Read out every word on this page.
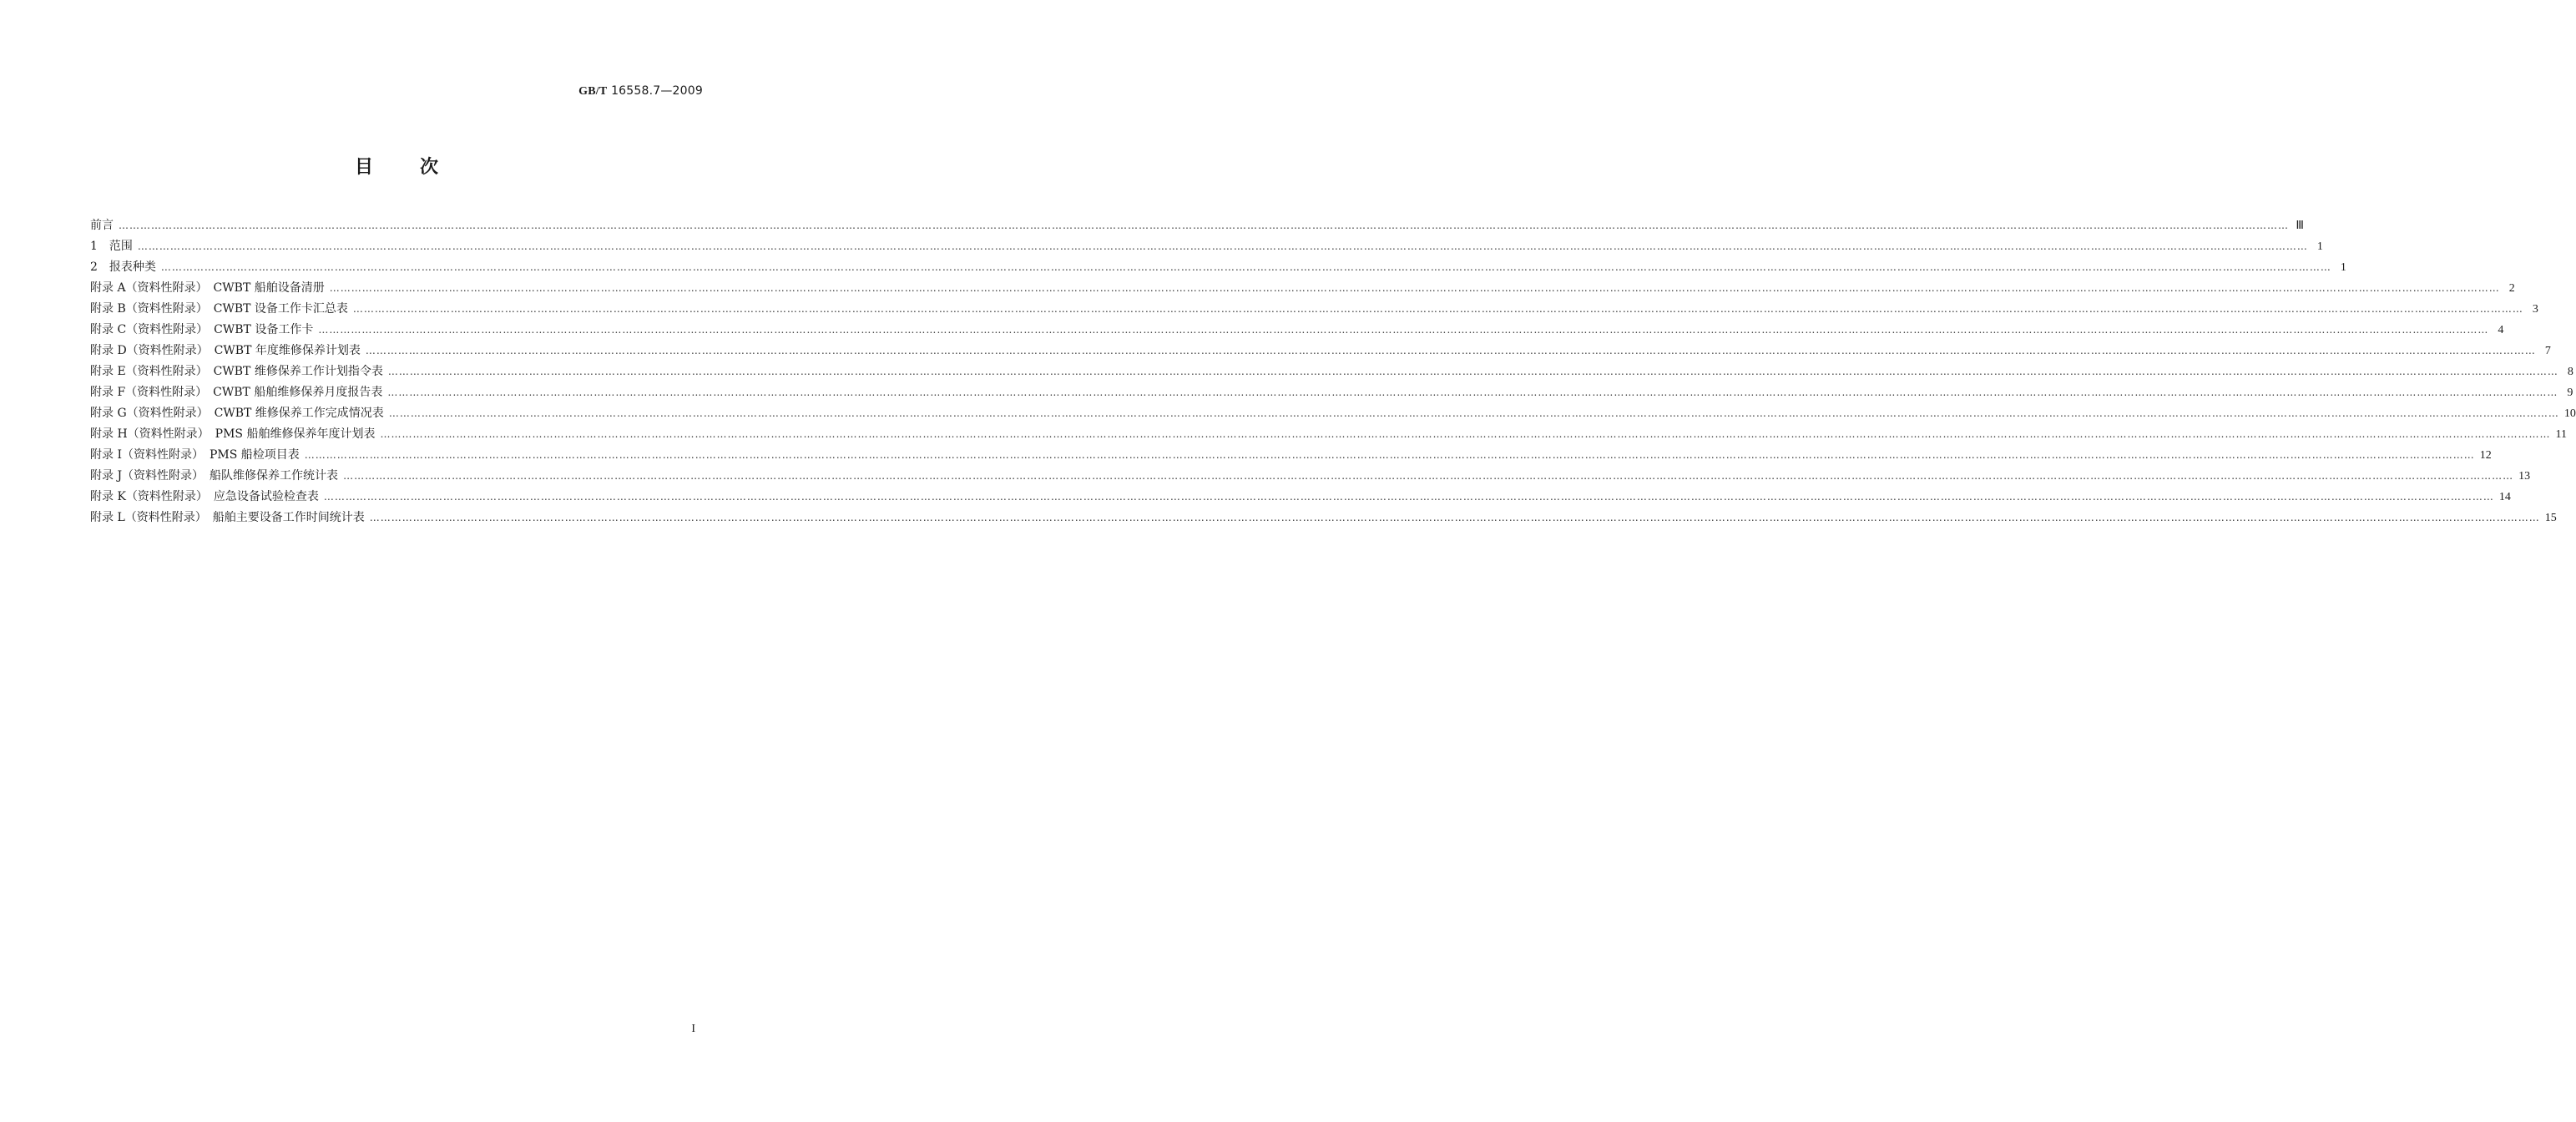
GB/T 16558.7—2009
目次
前言 …………………………………………………………………………………………………………………………………………………………………………………………………………………………………………………………………………………………………………………………………………………………………………………………………………………………………………………………………………………………………………………………………………………… Ⅲ
1　范围 …………………………………………………………………………………………………………………………………………………………………………………………………………………………………………………………………………………………………………………………………………………………………………………………………………………………………………………………………………………………………………………………………………………… 1
2　报表种类 …………………………………………………………………………………………………………………………………………………………………………………………………………………………………………………………………………………………………………………………………………………………………………………………………………………………………………………………………………………………………………………………………………………… 1
附录 A（资料性附录）　CWBT 船舶设备清册 …………………………………………………………………………………………………………………………………………………………………………………………………………………………………………………………………………………………………………………………………………………………………………………………………………………………………………………………………………………………………………………………………………………… 2
附录 B（资料性附录）　CWBT 设备工作卡汇总表 …………………………………………………………………………………………………………………………………………………………………………………………………………………………………………………………………………………………………………………………………………………………………………………………………………………………………………………………………………………………………………………………………………………… 3
附录 C（资料性附录）　CWBT 设备工作卡 …………………………………………………………………………………………………………………………………………………………………………………………………………………………………………………………………………………………………………………………………………………………………………………………………………………………………………………………………………………………………………………………………………………… 4
附录 D（资料性附录）　CWBT 年度维修保养计划表 …………………………………………………………………………………………………………………………………………………………………………………………………………………………………………………………………………………………………………………………………………………………………………………………………………………………………………………………………………………………………………………………………………………… 7
附录 E（资料性附录）　CWBT 维修保养工作计划指令表 …………………………………………………………………………………………………………………………………………………………………………………………………………………………………………………………………………………………………………………………………………………………………………………………………………………………………………………………………………………………………………………………………………………… 8
附录 F（资料性附录）　CWBT 船舶维修保养月度报告表 …………………………………………………………………………………………………………………………………………………………………………………………………………………………………………………………………………………………………………………………………………………………………………………………………………………………………………………………………………………………………………………………………………………… 9
附录 G（资料性附录）　CWBT 维修保养工作完成情况表 …………………………………………………………………………………………………………………………………………………………………………………………………………………………………………………………………………………………………………………………………………………………………………………………………………………………………………………………………………………………………………………………………………………… 10
附录 H（资料性附录）　PMS 船舶维修保养年度计划表 …………………………………………………………………………………………………………………………………………………………………………………………………………………………………………………………………………………………………………………………………………………………………………………………………………………………………………………………………………………………………………………………………………………… 11
附录 I（资料性附录）　PMS 船检项目表 …………………………………………………………………………………………………………………………………………………………………………………………………………………………………………………………………………………………………………………………………………………………………………………………………………………………………………………………………………………………………………………………………………………… 12
附录 J（资料性附录）　船队维修保养工作统计表 …………………………………………………………………………………………………………………………………………………………………………………………………………………………………………………………………………………………………………………………………………………………………………………………………………………………………………………………………………………………………………………………………………………… 13
附录 K（资料性附录）　应急设备试验检查表 …………………………………………………………………………………………………………………………………………………………………………………………………………………………………………………………………………………………………………………………………………………………………………………………………………………………………………………………………………………………………………………………………………………… 14
附录 L（资料性附录）　船舶主要设备工作时间统计表 …………………………………………………………………………………………………………………………………………………………………………………………………………………………………………………………………………………………………………………………………………………………………………………………………………………………………………………………………………………………………………………………………………………… 15
I
